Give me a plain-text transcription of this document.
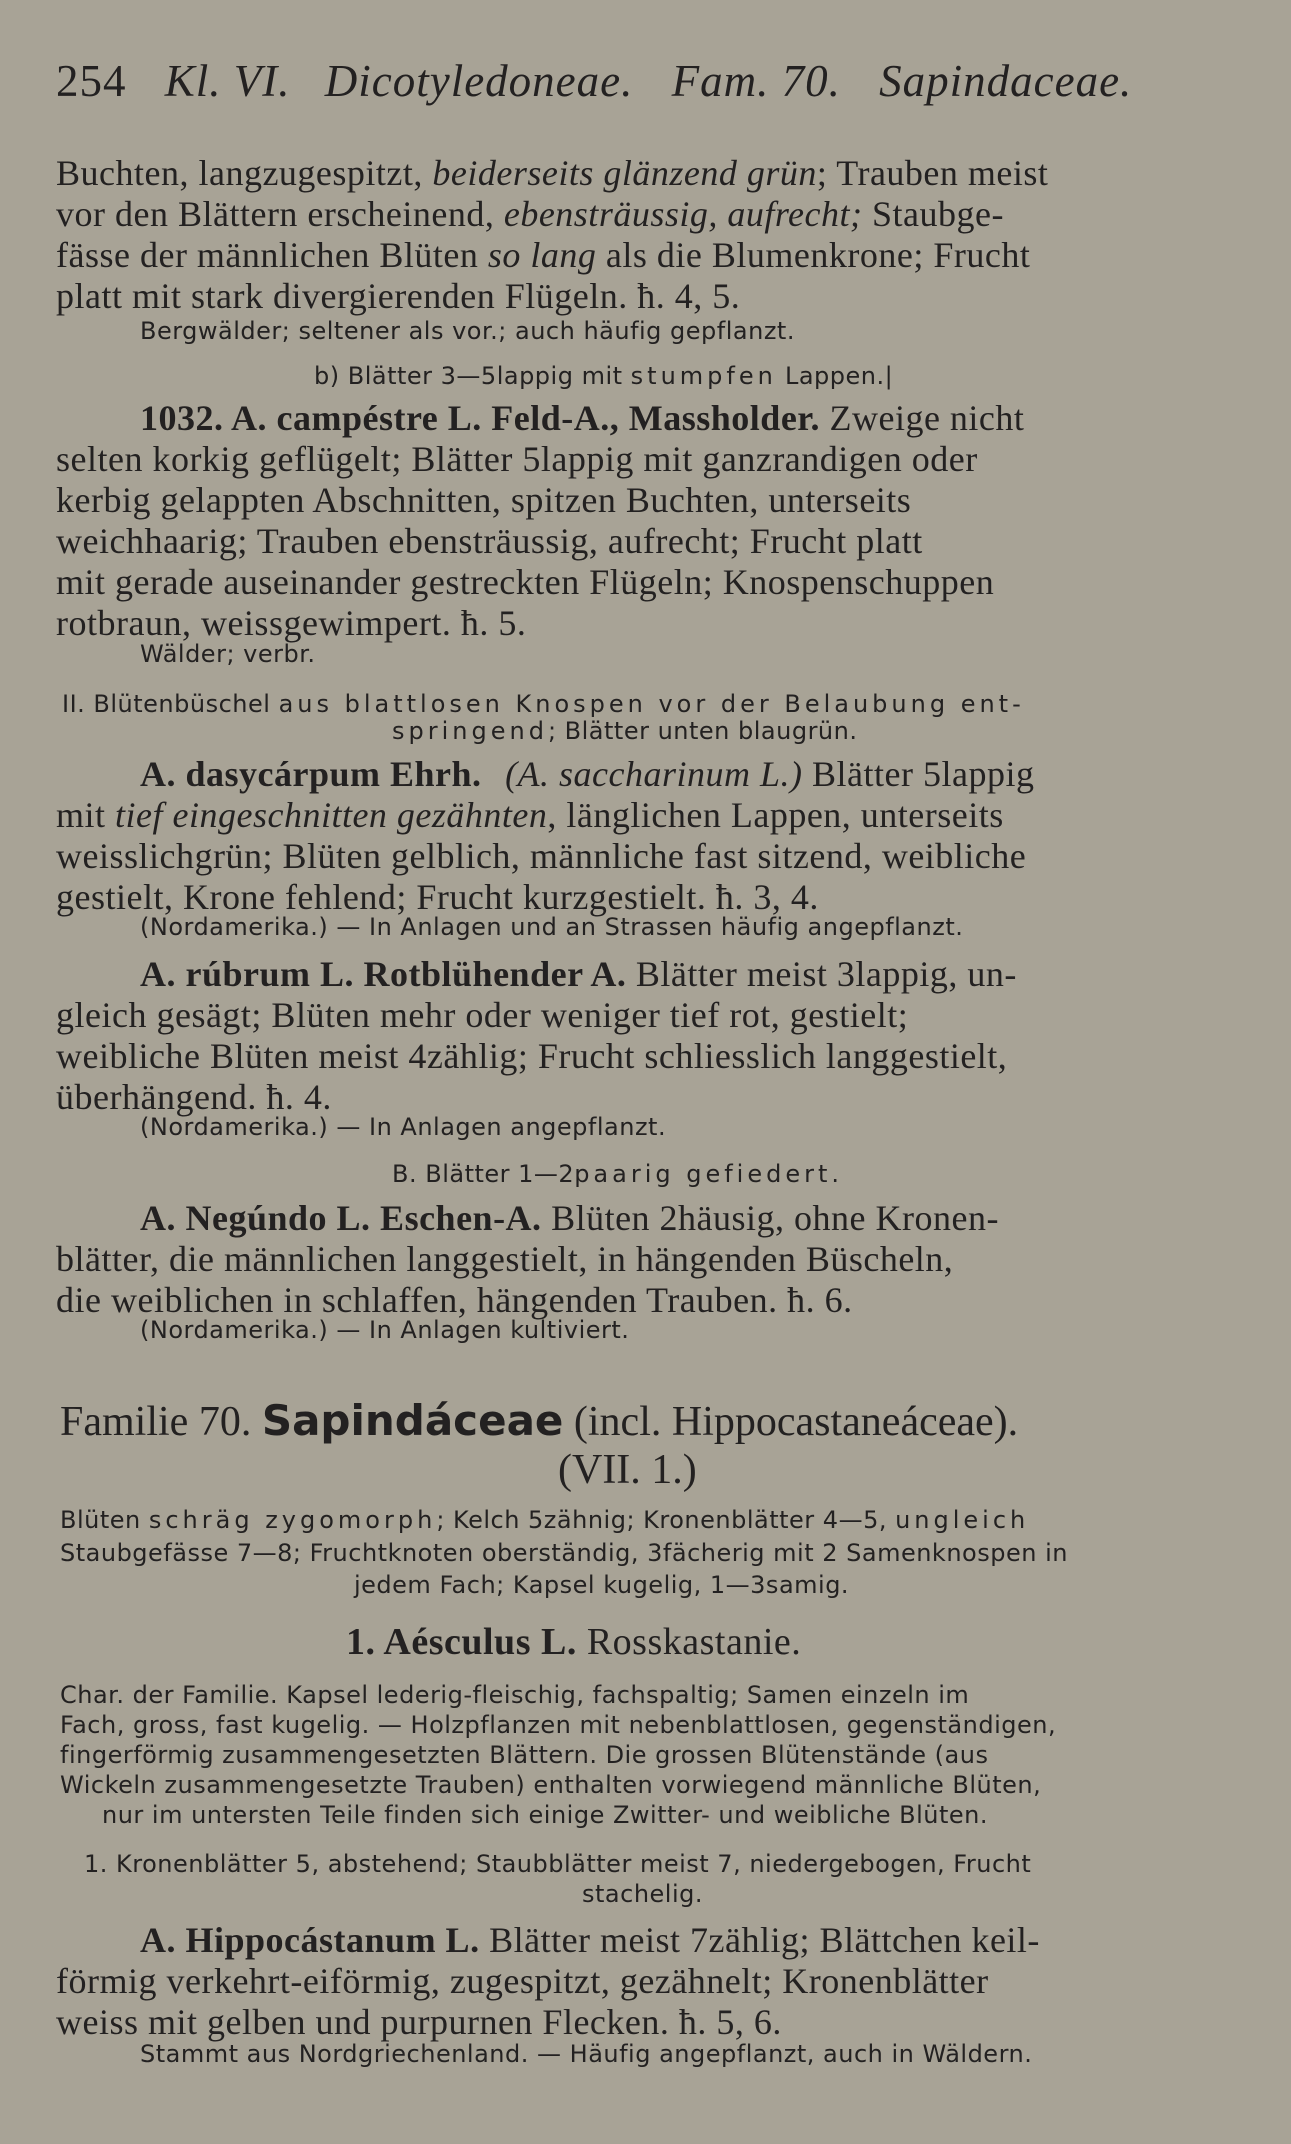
254 Kl. VI. Dicotyledoneae. Fam. 70. Sapindaceae.
Buchten, langzugespitzt, beiderseits glänzend grün; Trauben meist
vor den Blättern erscheinend, ebensträussig, aufrecht; Staubge-
fässe der männlichen Blüten so lang als die Blumenkrone; Frucht
platt mit stark divergierenden Flügeln. ħ. 4, 5.
Bergwälder; seltener als vor.; auch häufig gepflanzt.
b) Blätter 3—5lappig mit stumpfen Lappen.|
1032. A. campéstre L. Feld-A., Massholder. Zweige nicht
selten korkig geflügelt; Blätter 5lappig mit ganzrandigen oder
kerbig gelappten Abschnitten, spitzen Buchten, unterseits
weichhaarig; Trauben ebensträussig, aufrecht; Frucht platt
mit gerade auseinander gestreckten Flügeln; Knospenschuppen
rotbraun, weissgewimpert. ħ. 5.
Wälder; verbr.
II. Blütenbüschel aus blattlosen Knospen vor der Belaubung ent-
springend; Blätter unten blaugrün.
A. dasycárpum Ehrh. (A. saccharinum L.) Blätter 5lappig
mit tief eingeschnitten gezähnten, länglichen Lappen, unterseits
weisslichgrün; Blüten gelblich, männliche fast sitzend, weibliche
gestielt, Krone fehlend; Frucht kurzgestielt. ħ. 3, 4.
(Nordamerika.) — In Anlagen und an Strassen häufig angepflanzt.
A. rúbrum L. Rotblühender A. Blätter meist 3lappig, un-
gleich gesägt; Blüten mehr oder weniger tief rot, gestielt;
weibliche Blüten meist 4zählig; Frucht schliesslich langgestielt,
überhängend. ħ. 4.
(Nordamerika.) — In Anlagen angepflanzt.
B. Blätter 1—2paarig gefiedert.
A. Negúndo L. Eschen-A. Blüten 2häusig, ohne Kronen-
blätter, die männlichen langgestielt, in hängenden Büscheln,
die weiblichen in schlaffen, hängenden Trauben. ħ. 6.
(Nordamerika.) — In Anlagen kultiviert.
Familie 70. Sapindáceae (incl. Hippocastaneáceae).
(VII. 1.)
Blüten schräg zygomorph; Kelch 5zähnig; Kronenblätter 4—5, ungleich
Staubgefässe 7—8; Fruchtknoten oberständig, 3fächerig mit 2 Samenknospen in
jedem Fach; Kapsel kugelig, 1—3samig.
1. Aésculus L. Rosskastanie.
Char. der Familie. Kapsel lederig-fleischig, fachspaltig; Samen einzeln im
Fach, gross, fast kugelig. — Holzpflanzen mit nebenblattlosen, gegenständigen,
fingerförmig zusammengesetzten Blättern. Die grossen Blütenstände (aus
Wickeln zusammengesetzte Trauben) enthalten vorwiegend männliche Blüten,
nur im untersten Teile finden sich einige Zwitter- und weibliche Blüten.
1. Kronenblätter 5, abstehend; Staubblätter meist 7, niedergebogen, Frucht
stachelig.
A. Hippocástanum L. Blätter meist 7zählig; Blättchen keil-
förmig verkehrt-eiförmig, zugespitzt, gezähnelt; Kronenblätter
weiss mit gelben und purpurnen Flecken. ħ. 5, 6.
Stammt aus Nordgriechenland. — Häufig angepflanzt, auch in Wäldern.
